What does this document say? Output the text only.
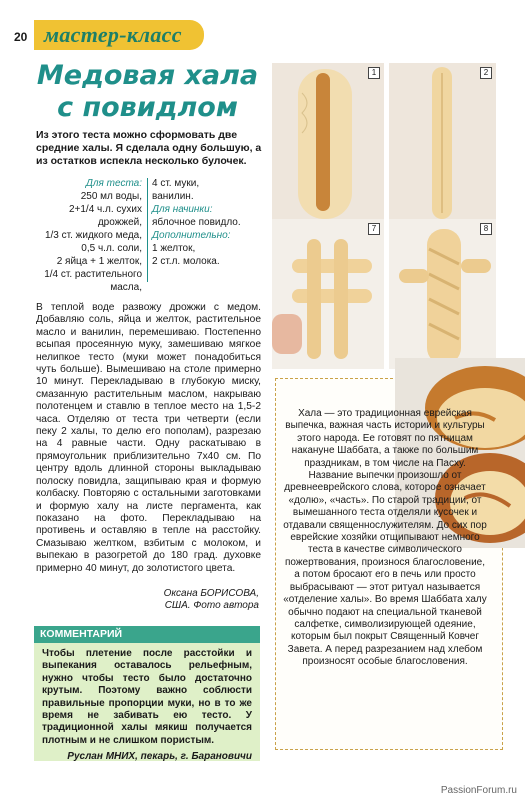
20 мастер-класс
Медовая хала
с повидлом
Из этого теста можно сформовать две средние халы. Я сделала одну большую, а из остатков испекла несколько булочек.
Для теста:
250 мл воды,
2+1/4 ч.л. сухих
дрожжей,
1/3 ст. жидкого меда,
0,5 ч.л. соли,
2 яйца + 1 желток,
1/4 ст. растительного
масла,
4 ст. муки,
ванилин.
Для начинки:
яблочное повидло.
Дополнительно:
1 желток,
2 ст.л. молока.
В теплой воде развожу дрожжи с медом. Добавляю соль, яйца и желток, растительное масло и ванилин, перемешиваю. Постепенно всыпая просеянную муку, замешиваю мягкое нелипкое тесто (муки может понадобиться чуть больше). Вымешиваю на столе примерно 10 минут. Перекладываю в глубокую миску, смазанную растительным маслом, накрываю полотенцем и ставлю в теплое место на 1,5-2 часа. Отделяю от теста три четверти (если пеку 2 халы, то делю его пополам), разрезаю на 4 равные части. Одну раскатываю в прямоугольник приблизительно 7х40 см. По центру вдоль длинной стороны выкладываю полоску повидла, защипываю края и формую колбаску. Повторяю с остальными заготовками и формую халу на листе пергамента, как показано на фото. Перекладываю на противень и оставляю в тепле на расстойку. Смазываю желтком, взбитым с молоком, и выпекаю в разогретой до 180 град. духовке примерно 40 минут, до золотистого цвета.
Оксана БОРИСОВА,
США. Фото автора
КОММЕНТАРИЙ
Чтобы плетение после расстойки и выпекания оставалось рельефным, нужно чтобы тесто было достаточно крутым. Поэтому важно соблюсти правильные пропорции муки, но в то же время не забивать ею тесто. У традиционной халы мякиш получается плотным и не слишком пористым.
Руслан МНИХ, пекарь, г. Барановичи
1	2
7	8
Хала — это традиционная еврейская выпечка, важная часть истории и культуры этого народа. Ее готовят по пятницам накануне Шаббата, а также по большим праздникам, в том числе на Пасху. Название выпечки произошло от древнееврейского слова, которое означает «долю», «часть». По старой традиции, от вымешанного теста отделяли кусочек и отдавали священнослужителям. До сих пор еврейские хозяйки отщипывают немного теста в качестве символического пожертвования, произнося благословение, а потом бросают его в печь или просто выбрасывают — этот ритуал называется «отделение халы». Во время Шаббата халу обычно подают на специальной тканевой салфетке, символизирующей одеяние, которым был покрыт Священный Ковчег Завета. А перед разрезанием над хлебом произносят особые благословения.
PassionForum.ru
